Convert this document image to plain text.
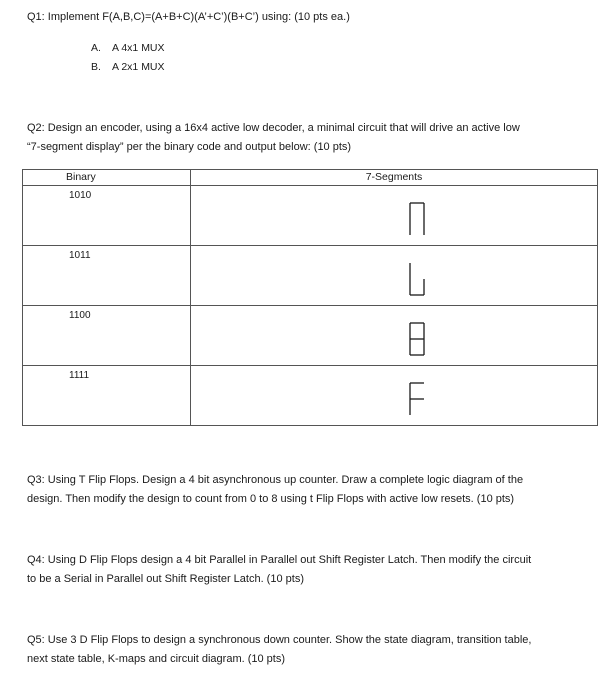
Q1: Implement F(A,B,C)=(A+B+C)(A’+C’)(B+C’) using: (10 pts ea.)
A. A 4x1 MUX
B. A 2x1 MUX
Q2: Design an encoder, using a 16x4 active low decoder, a minimal circuit that will drive an active low
“7-segment display” per the binary code and output below: (10 pts)
Binary	7-Segments
1010	

1011	

1100	

1111	
Q3: Using T Flip Flops. Design a 4 bit asynchronous up counter. Draw a complete logic diagram of the
design. Then modify the design to count from 0 to 8 using t Flip Flops with active low resets. (10 pts)
Q4: Using D Flip Flops design a 4 bit Parallel in Parallel out Shift Register Latch. Then modify the circuit
to be a Serial in Parallel out Shift Register Latch. (10 pts)
Q5: Use 3 D Flip Flops to design a synchronous down counter. Show the state diagram, transition table,
next state table, K-maps and circuit diagram. (10 pts)
